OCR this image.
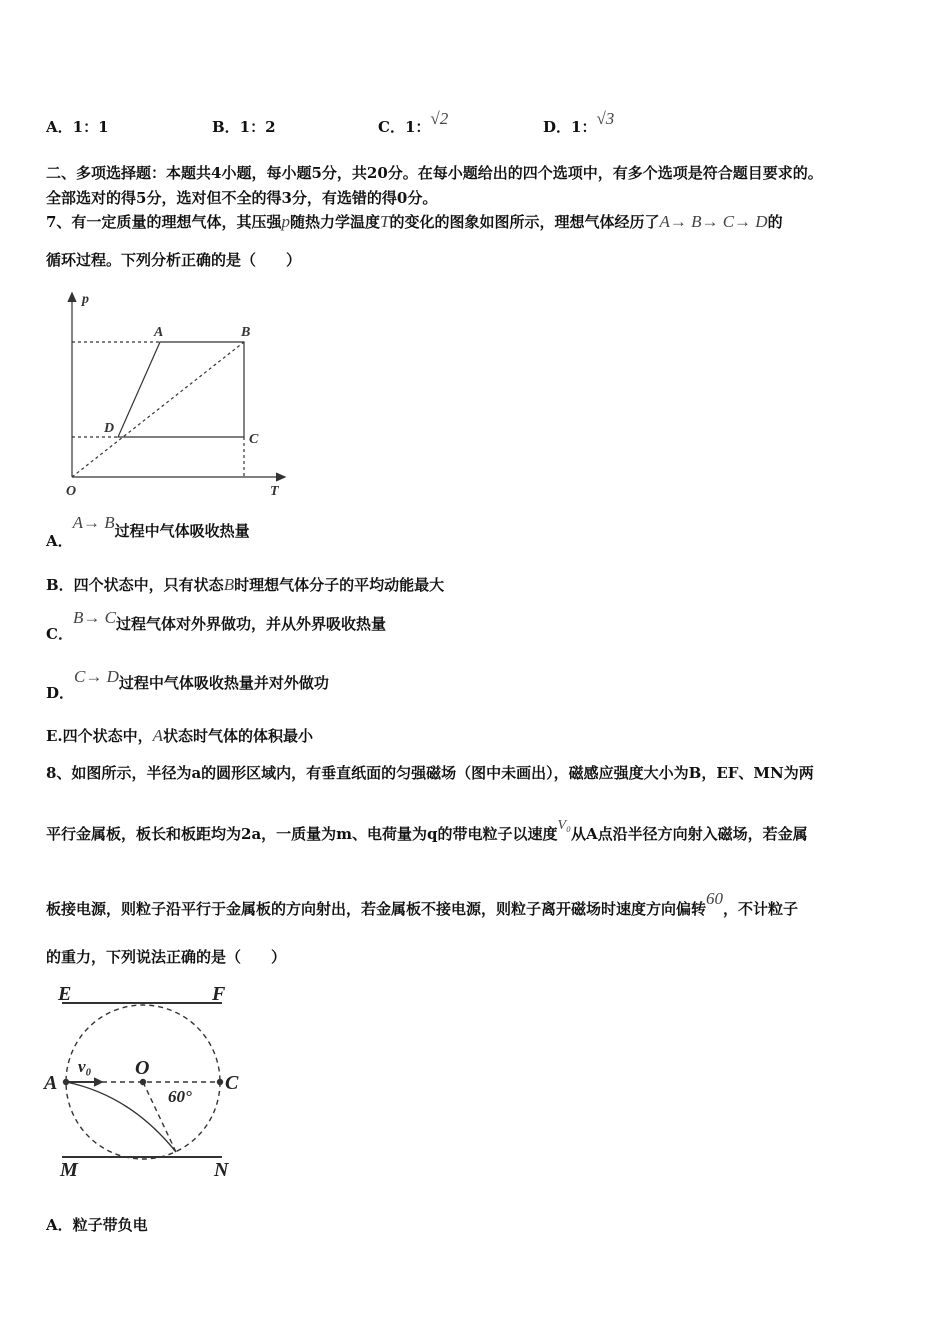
A．1：1	B．1：2	C．1：√2	D．1：√3
二、多项选择题：本题共4小题，每小题5分，共20分。在每小题给出的四个选项中，有多个选项是符合题目要求的。
全部选对的得5分，选对但不全的得3分，有选错的得0分。
7、有一定质量的理想气体，其压强p随热力学温度T的变化的图象如图所示，理想气体经历了A→ B→ C→ D的
循环过程。下列分析正确的是（　　）
p
T
O
A	B
C
D
E	F
M	N
A	C
O
v₀
60°
A．A→ B过程中气体吸收热量
B．四个状态中，只有状态B时理想气体分子的平均动能最大
C．B→ C过程气体对外界做功，并从外界吸收热量
D．C→ D过程中气体吸收热量并对外做功
E.四个状态中，A状态时气体的体积最小
8、如图所示，半径为a的圆形区域内，有垂直纸面的匀强磁场（图中未画出），磁感应强度大小为B，EF、MN为两
平行金属板，板长和板距均为2a，一质量为m、电荷量为q的带电粒子以速度V₀从A点沿半径方向射入磁场，若金属
板接电源，则粒子沿平行于金属板的方向射出，若金属板不接电源，则粒子离开磁场时速度方向偏转60，不计粒子
的重力，下列说法正确的是（　　）
A．粒子带负电
